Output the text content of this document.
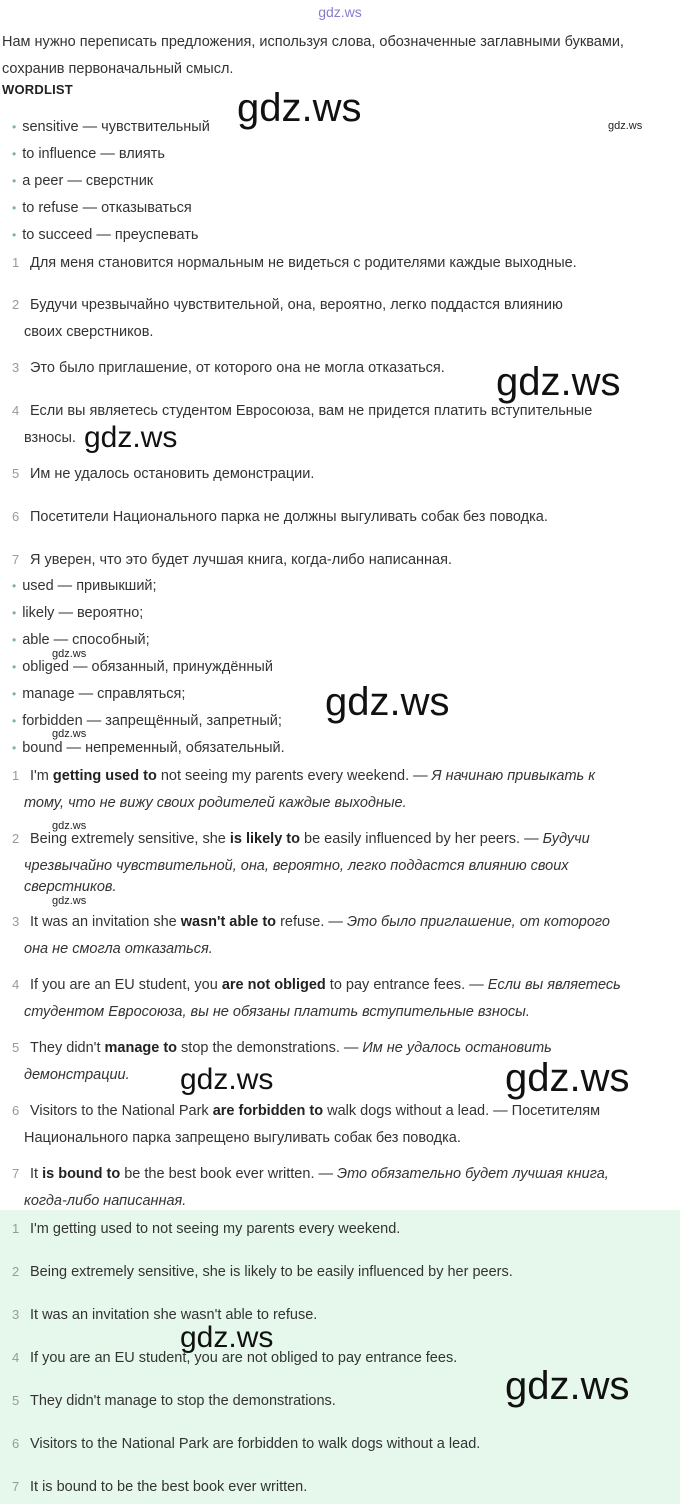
gdz.ws
Нам нужно переписать предложения, используя слова, обозначенные заглавными буквами, сохранив первоначальный смысл.
WORDLIST
• sensitive — чувствительный
• to influence — влиять
• a peer — сверстник
• to refuse — отказываться
• to succeed — преуспевать
1 Для меня становится нормальным не видеться с родителями каждые выходные.
2 Будучи чрезвычайно чувствительной, она, вероятно, легко поддастся влиянию
своих сверстников.
3 Это было приглашение, от которого она не могла отказаться.
4 Если вы являетесь студентом Евросоюза, вам не придется платить вступительные
взносы.
5 Им не удалось остановить демонстрации.
6 Посетители Национального парка не должны выгуливать собак без поводка.
7 Я уверен, что это будет лучшая книга, когда-либо написанная.
• used — привыкший;
• likely — вероятно;
• able — способный;
• obliged — обязанный, принуждённый
• manage — справляться;
• forbidden — запрещённый, запретный;
• bound — непременный, обязательный.
1 I'm getting used to not seeing my parents every weekend. — Я начинаю привыкать к
тому, что не вижу своих родителей каждые выходные.
2 Being extremely sensitive, she is likely to be easily influenced by her peers. — Будучи
чрезвычайно чувствительной, она, вероятно, легко поддастся влиянию своих
сверстников.
3 It was an invitation she wasn't able to refuse. — Это было приглашение, от которого
она не смогла отказаться.
4 If you are an EU student, you are not obliged to pay entrance fees. — Если вы являетесь
студентом Евросоюза, вы не обязаны платить вступительные взносы.
5 They didn't manage to stop the demonstrations. — Им не удалось остановить
демонстрации.
6 Visitors to the National Park are forbidden to walk dogs without a lead. — Посетителям
Национального парка запрещено выгуливать собак без поводка.
7 It is bound to be the best book ever written. — Это обязательно будет лучшая книга,
когда-либо написанная.
1 I'm getting used to not seeing my parents every weekend.
2 Being extremely sensitive, she is likely to be easily influenced by her peers.
3 It was an invitation she wasn't able to refuse.
4 If you are an EU student, you are not obliged to pay entrance fees.
5 They didn't manage to stop the demonstrations.
6 Visitors to the National Park are forbidden to walk dogs without a lead.
7 It is bound to be the best book ever written.
gdz.ws	gdz.ws
gdz.ws
gdz.ws
gdz.ws
gdz.ws
gdz.ws
gdz.ws
gdz.ws
gdz.ws	gdz.ws
gdz.ws
gdz.ws
